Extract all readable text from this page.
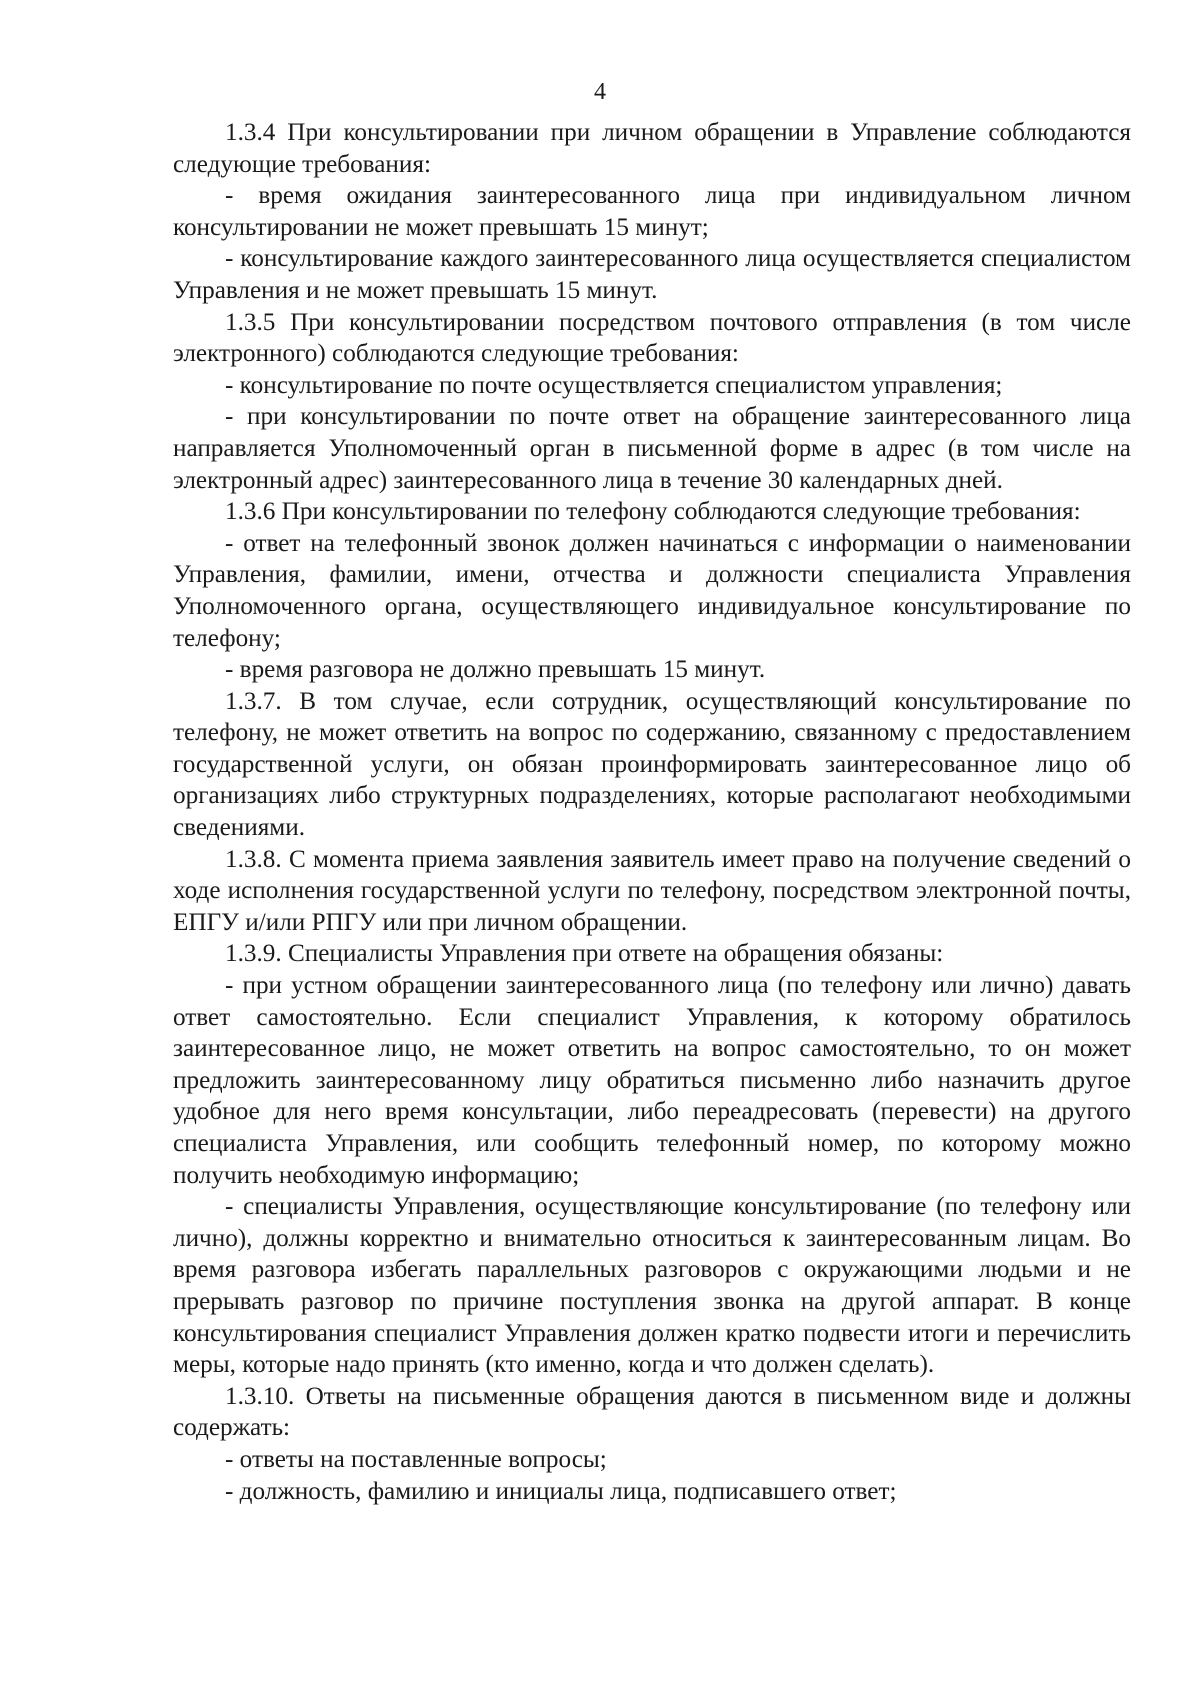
4

1.3.4 При консультировании при личном обращении в Управление соблюдаются следующие требования:

- время ожидания заинтересованного лица при индивидуальном личном консультировании не может превышать 15 минут;

- консультирование каждого заинтересованного лица осуществляется специалистом Управления и не может превышать 15 минут.

1.3.5 При консультировании посредством почтового отправления (в том числе электронного) соблюдаются следующие требования:

- консультирование по почте осуществляется специалистом управления;

- при консультировании по почте ответ на обращение заинтересованного лица направляется Уполномоченный орган в письменной форме в адрес (в том числе на электронный адрес) заинтересованного лица в течение 30 календарных дней.

1.3.6 При консультировании по телефону соблюдаются следующие требования:

- ответ на телефонный звонок должен начинаться с информации о наименовании Управления, фамилии, имени, отчества и должности специалиста Управления Уполномоченного органа, осуществляющего индивидуальное консультирование по телефону;

- время разговора не должно превышать 15 минут.

1.3.7. В том случае, если сотрудник, осуществляющий консультирование по телефону, не может ответить на вопрос по содержанию, связанному с предоставлением государственной услуги, он обязан проинформировать заинтересованное лицо об организациях либо структурных подразделениях, которые располагают необходимыми сведениями.

1.3.8. С момента приема заявления заявитель имеет право на получение сведений о ходе исполнения государственной услуги по телефону, посредством электронной почты, ЕПГУ и/или РПГУ или при личном обращении.

1.3.9. Специалисты Управления при ответе на обращения обязаны:

- при устном обращении заинтересованного лица (по телефону или лично) давать ответ самостоятельно. Если специалист Управления, к которому обратилось заинтересованное лицо, не может ответить на вопрос самостоятельно, то он может предложить заинтересованному лицу обратиться письменно либо назначить другое удобное для него время консультации, либо переадресовать (перевести) на другого специалиста Управления, или сообщить телефонный номер, по которому можно получить необходимую информацию;

- специалисты Управления, осуществляющие консультирование (по телефону или лично), должны корректно и внимательно относиться к заинтересованным лицам. Во время разговора избегать параллельных разговоров с окружающими людьми и не прерывать разговор по причине поступления звонка на другой аппарат. В конце консультирования специалист Управления должен кратко подвести итоги и перечислить меры, которые надо принять (кто именно, когда и что должен сделать).

1.3.10. Ответы на письменные обращения даются в письменном виде и должны содержать:

- ответы на поставленные вопросы;

- должность, фамилию и инициалы лица, подписавшего ответ;
